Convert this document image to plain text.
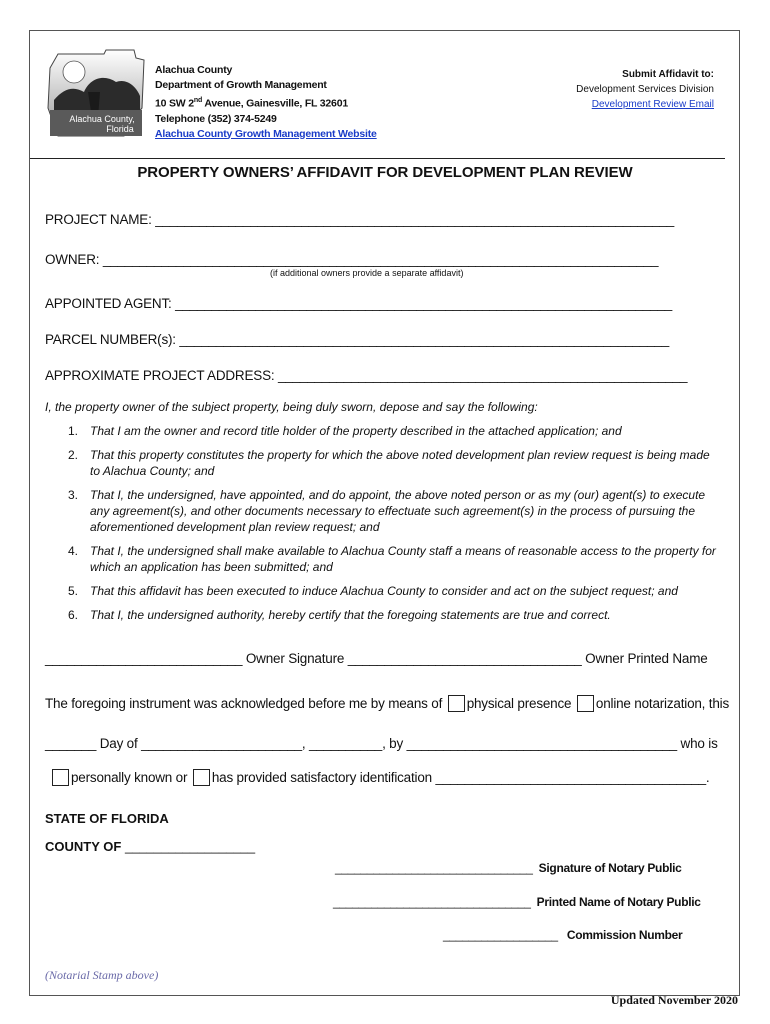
Alachua County,
Florida
Alachua County
Department of Growth Management
10 SW 2nd Avenue, Gainesville, FL 32601
Telephone (352) 374-5249
Alachua County Growth Management Website
Submit Affidavit to:
Development Services Division
Development Review Email
PROPERTY OWNERS’ AFFIDAVIT FOR DEVELOPMENT PLAN REVIEW
PROJECT NAME: _______________________________________________________________________
OWNER: ____________________________________________________________________________
(if additional owners provide a separate affidavit)
APPOINTED AGENT: ____________________________________________________________________
PARCEL NUMBER(s): ___________________________________________________________________
APPROXIMATE PROJECT ADDRESS: ________________________________________________________
I, the property owner of the subject property, being duly sworn, depose and say the following:
1. That I am the owner and record title holder of the property described in the attached application; and
2. That this property constitutes the property for which the above noted development plan review request is being made to Alachua County; and
3. That I, the undersigned, have appointed, and do appoint, the above noted person or as my (our) agent(s) to execute any agreement(s), and other documents necessary to effectuate such agreement(s) in the process of pursuing the aforementioned development plan review request; and
4. That I, the undersigned shall make available to Alachua County staff a means of reasonable access to the property for which an application has been submitted; and
5. That this affidavit has been executed to induce Alachua County to consider and act on the subject request; and
6. That I, the undersigned authority, hereby certify that the foregoing statements are true and correct.
___________________________ Owner Signature ________________________________ Owner Printed Name
The foregoing instrument was acknowledged before me by means of physical presence online notarization, this
_______ Day of ______________________, __________, by _____________________________________ who is
personally known or has provided satisfactory identification _____________________________________.
STATE OF FLORIDA
COUNTY OF __________________
_______________________________ Signature of Notary Public
_______________________________ Printed Name of Notary Public
__________________ Commission Number
(Notarial Stamp above)
Updated November 2020
